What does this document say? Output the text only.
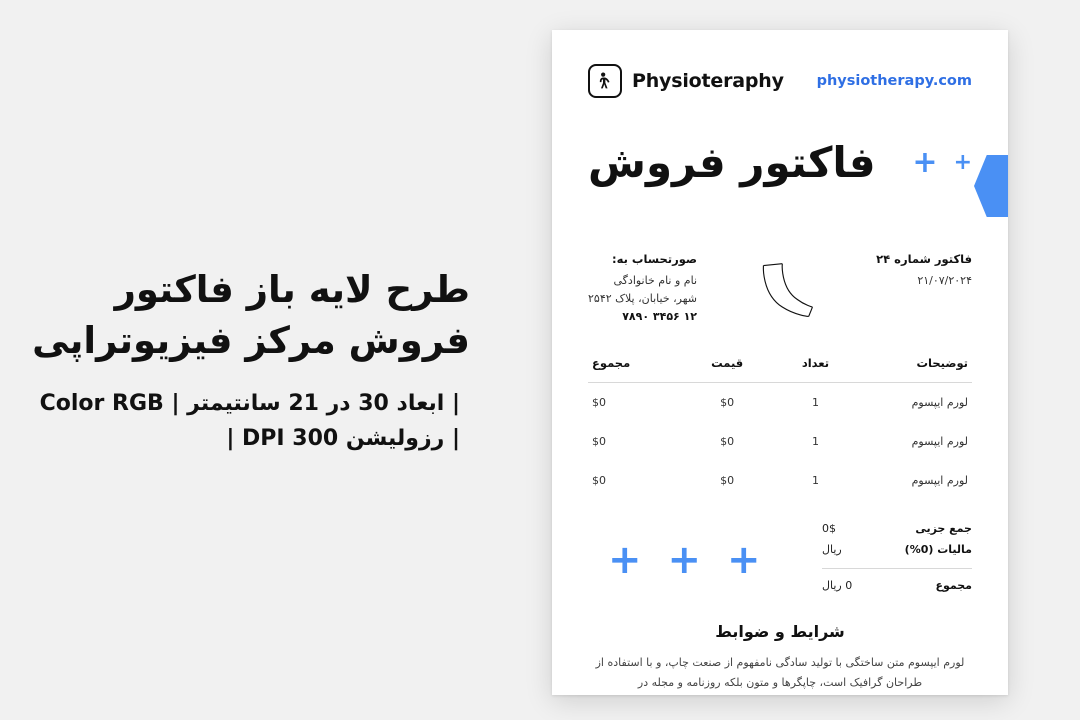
طرح لایه باز فاکتور فروش مرکز فیزیوتراپی
| ابعاد 30 در 21 سانتیمتر | Color RGB | رزولیشن 300 DPI |
Physioteraphy physiotherapy.com
فاکتور فروش + +
فاکتور شماره ۲۴
۲۱/۰۷/۲۰۲۴
صورتحساب به:
نام و نام خانوادگی
شهر، خیابان، پلاک ۲۵۴۲
۱۲ ۳۴۵۶ ۷۸۹۰
توضیحات	تعداد	قیمت	مجموع
لورم ایپسوم	1	$0	$0
لورم ایپسوم	1	$0	$0
لورم ایپسوم	1	$0	$0
جمع جزیی
0$
مالیات (0%)
ریال
مجموع
0 ریال
+ + +
شرایط و ضوابط
لورم ایپسوم متن ساختگی با تولید سادگی نامفهوم از صنعت چاپ، و با استفاده از طراحان گرافیک است، چاپگرها و متون بلکه روزنامه و مجله در
